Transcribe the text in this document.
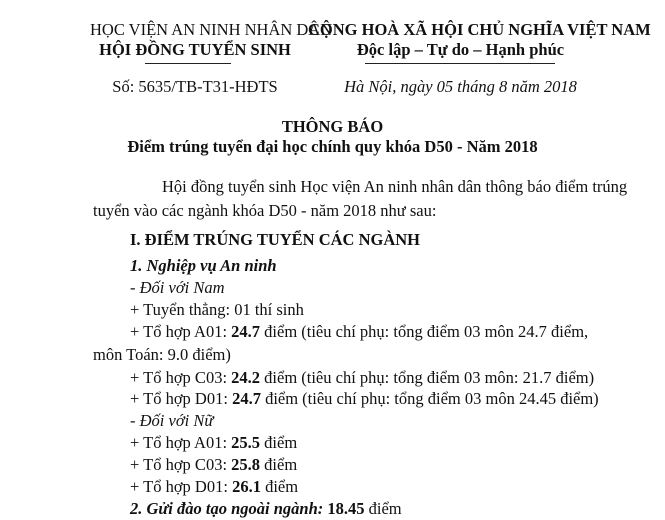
HỌC VIỆN AN NINH NHÂN DÂN
HỘI ĐỒNG TUYỂN SINH
Số: 5635/TB-T31-HĐTS
CỘNG HOÀ XÃ HỘI CHỦ NGHĨA VIỆT NAM
Độc lập – Tự do – Hạnh phúc
Hà Nội, ngày 05 tháng 8 năm 2018
THÔNG BÁO
Điểm trúng tuyển đại học chính quy khóa D50 - Năm 2018
Hội đồng tuyển sinh Học viện An ninh nhân dân thông báo điểm trúng
tuyển vào các ngành khóa D50 - năm 2018 như sau:
I. ĐIỂM TRÚNG TUYỂN CÁC NGÀNH
1. Nghiệp vụ An ninh
- Đối với Nam
+ Tuyển thẳng: 01 thí sinh
+ Tổ hợp A01: 24.7 điểm (tiêu chí phụ: tổng điểm 03 môn 24.7 điểm,
môn Toán: 9.0 điểm)
+ Tổ hợp C03: 24.2 điểm (tiêu chí phụ: tổng điểm 03 môn: 21.7 điểm)
+ Tổ hợp D01: 24.7 điểm (tiêu chí phụ: tổng điểm 03 môn 24.45 điểm)
- Đối với Nữ
+ Tổ hợp A01: 25.5 điểm
+ Tổ hợp C03: 25.8 điểm
+ Tổ hợp D01: 26.1 điểm
2. Gửi đào tạo ngoài ngành: 18.45 điểm
